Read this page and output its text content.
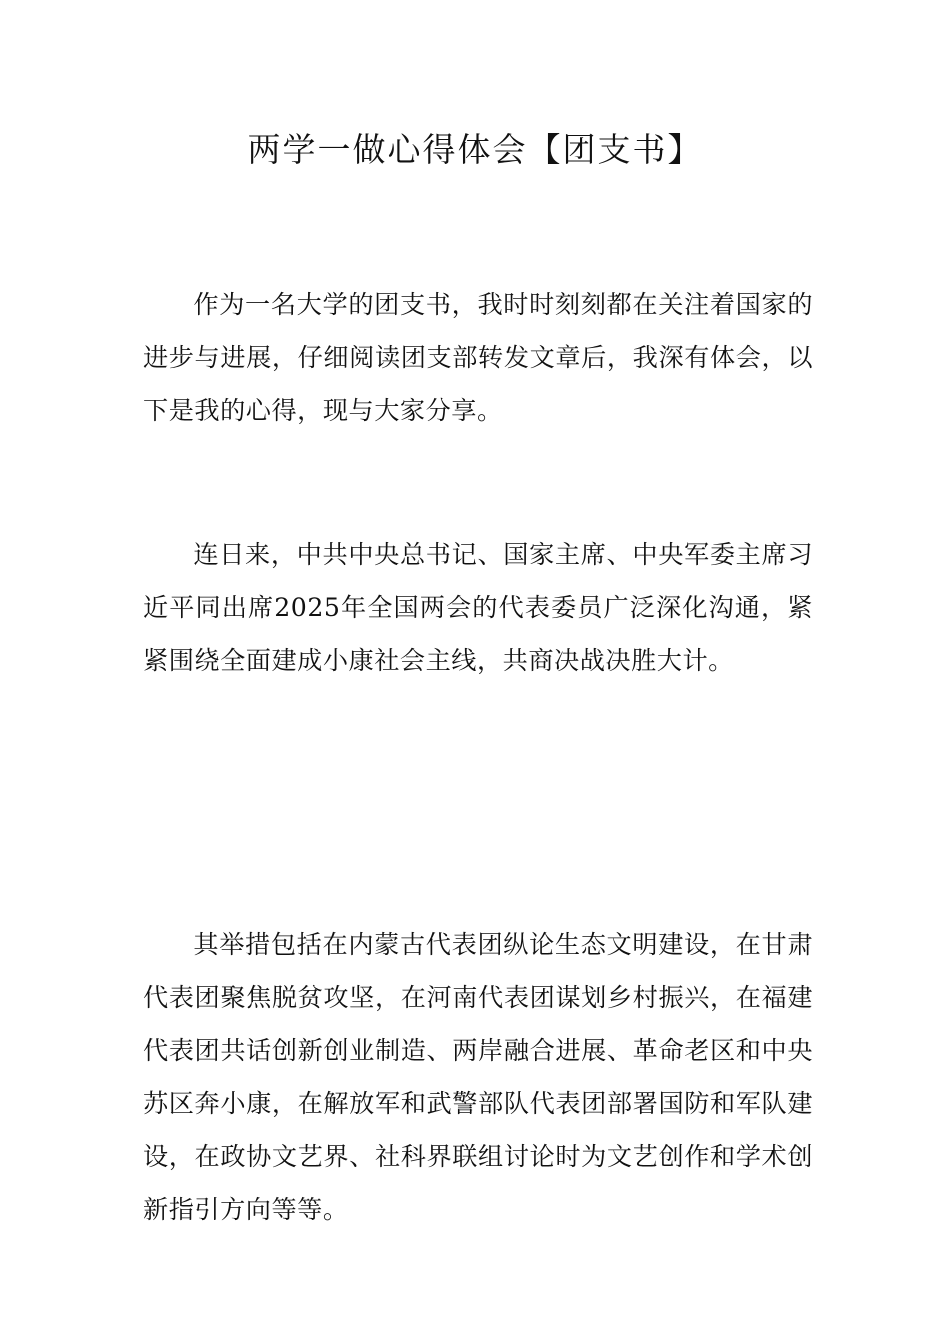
两学一做心得体会【团支书】

作为一名大学的团支书，我时时刻刻都在关注着国家的进步与进展，仔细阅读团支部转发文章后，我深有体会，以下是我的心得，现与大家分享。

连日来，中共中央总书记、国家主席、中央军委主席习近平同出席2025年全国两会的代表委员广泛深化沟通，紧紧围绕全面建成小康社会主线，共商决战决胜大计。

其举措包括在内蒙古代表团纵论生态文明建设，在甘肃代表团聚焦脱贫攻坚，在河南代表团谋划乡村振兴，在福建代表团共话创新创业制造、两岸融合进展、革命老区和中央苏区奔小康，在解放军和武警部队代表团部署国防和军队建设，在政协文艺界、社科界联组讨论时为文艺创作和学术创新指引方向等等。
